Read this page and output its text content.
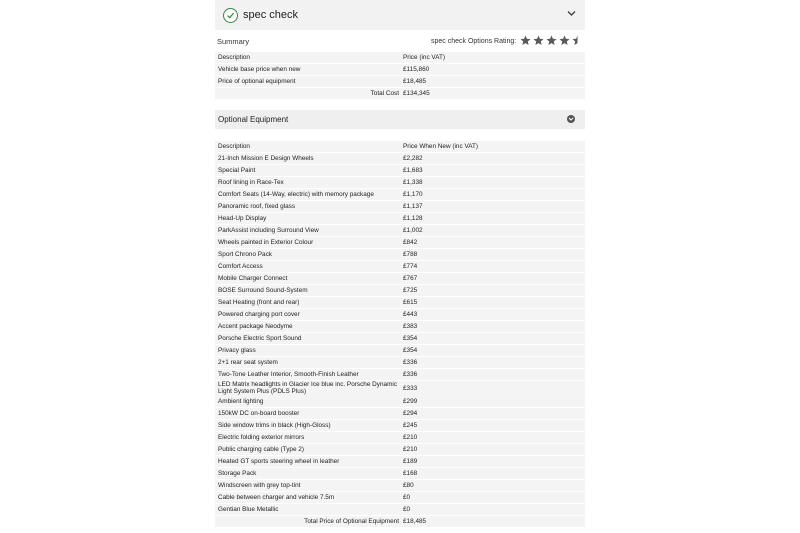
spec check
Summary	spec check Options Rating:
Description	Price (inc VAT)
Vehicle base price when new	£115,860
Price of optional equipment	£18,485
Total Cost £134,345
Optional Equipment
Description	Price When New (inc VAT)
21-Inch Mission E Design Wheels	£2,282
Special Paint	£1,683
Roof lining in Race-Tex	£1,338
Comfort Seats (14-Way, electric) with memory package	£1,170
Panoramic roof, fixed glass	£1,137
Head-Up Display	£1,128
ParkAssist including Surround View	£1,002
Wheels painted in Exterior Colour	£842
Sport Chrono Pack	£788
Comfort Access	£774
Mobile Charger Connect	£767
BOSE Surround Sound-System	£725
Seat Heating (front and rear)	£615
Powered charging port cover	£443
Accent package Neodyme	£383
Porsche Electric Sport Sound	£354
Privacy glass	£354
2+1 rear seat system	£336
Two-Tone Leather Interior, Smooth-Finish Leather	£336
LED Matrix headlights in Glacier Ice blue inc. Porsche Dynamic Light System Plus (PDLS Plus)	£333
Ambient lighting	£299
150kW DC on-board booster	£294
Side window trims in black (High-Gloss)	£245
Electric folding exterior mirrors	£210
Public charging cable (Type 2)	£210
Heated GT sports steering wheel in leather	£189
Storage Pack	£168
Windscreen with grey top-tint	£80
Cable between charger and vehicle 7.5m	£0
Gentian Blue Metallic	£0
Total Price of Optional Equipment £18,485
